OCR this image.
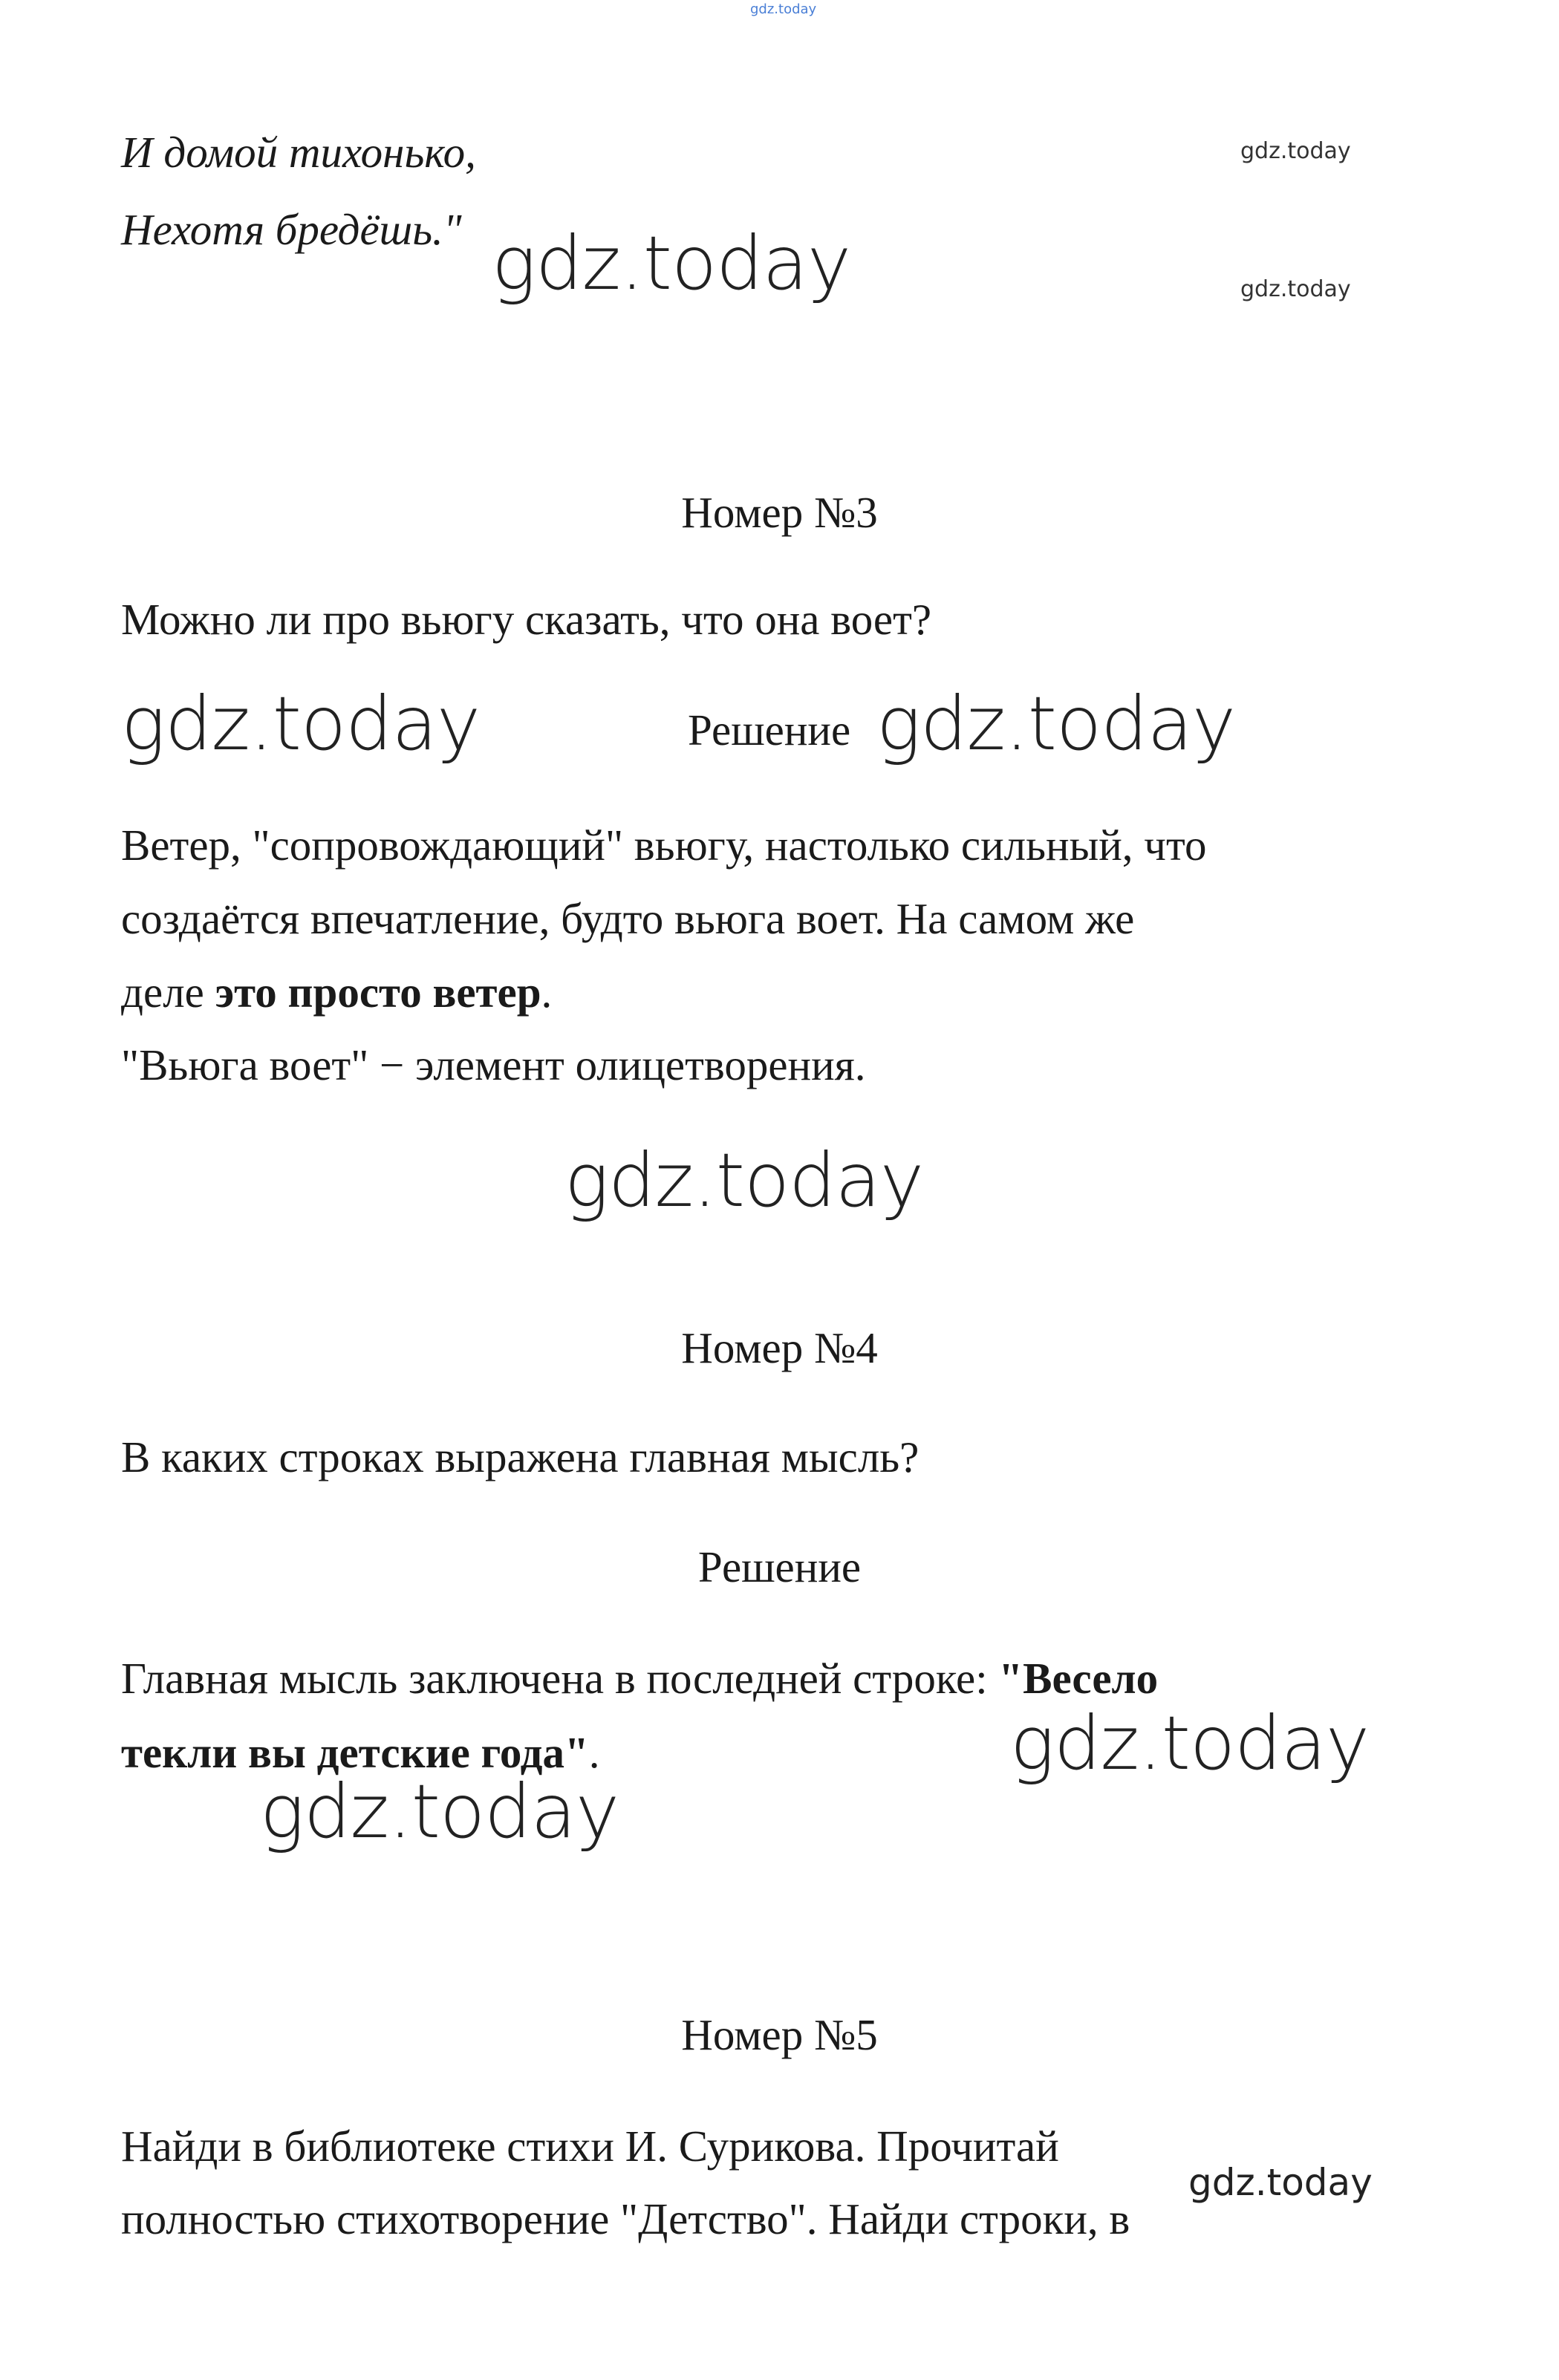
gdz.today
И домой тихонько,
Нехотя бредёшь."
gdz.today
gdz.today
gdz.today
Номер №3
Можно ли про вьюгу сказать, что она воет?
gdz.today	Решение gdz.today
Ветер, "сопровождающий" вьюгу, настолько сильный, что
создаётся впечатление, будто вьюга воет. На самом же
деле это просто ветер.
"Вьюга воет" − элемент олицетворения.
gdz.today
Номер №4
В каких строках выражена главная мысль?
Решение
Главная мысль заключена в последней строке: "Весело
текли вы детские года".	gdz.today
gdz.today
Номер №5
Найди в библиотеке стихи И. Сурикова. Прочитай
полностью стихотворение "Детство". Найди строки, в
gdz.today
